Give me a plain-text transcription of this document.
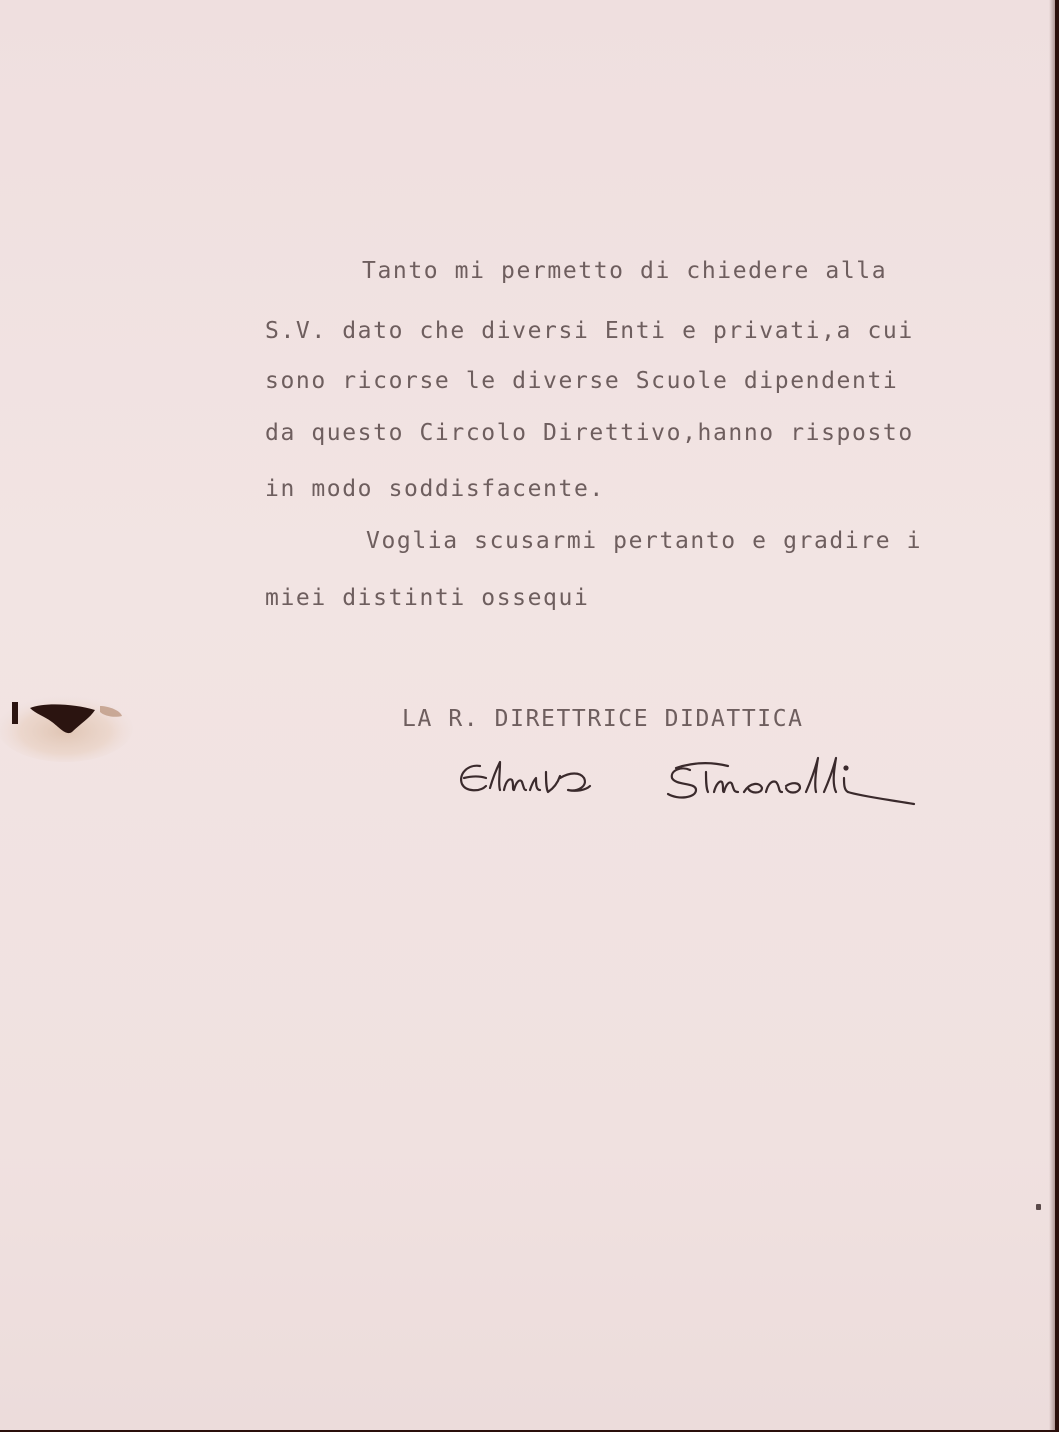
Tanto mi permetto di chiedere alla

S.V. dato che diversi Enti e privati,a cui

sono ricorse le diverse Scuole dipendenti

da questo Circolo Direttivo,hanno risposto

in modo soddisfacente.

Voglia scusarmi pertanto e gradire i

miei distinti ossequi

LA R. DIRETTRICE DIDATTICA
